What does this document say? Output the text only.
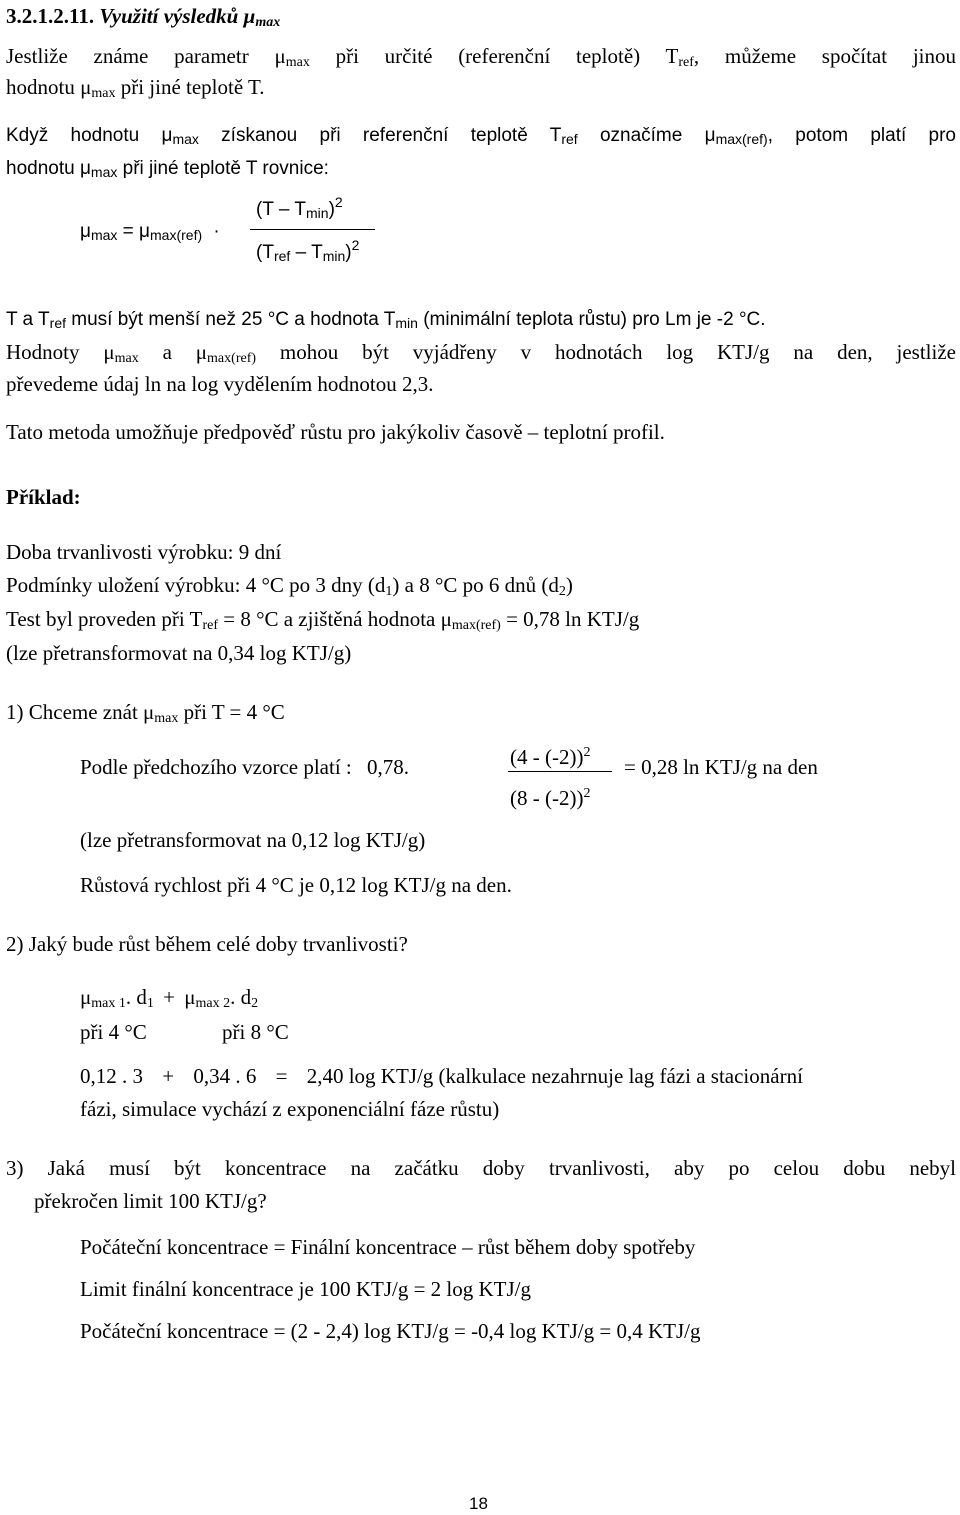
3.2.1.2.11. Využití výsledků $\mu_{max}$
Jestliže známe parametr $\mu_{max}$ při určité (referenční teplotě) $T_{ref}$, můžeme spočítat jinou
hodnotu $\mu_{max}$ při jiné teplotě T.
Když hodnotu $\mu_{max}$ získanou při referenční teplotě $T_{ref}$ označíme $\mu_{max(ref)}$, potom platí pro
hodnotu $\mu_{max}$ při jiné teplotě T rovnice:
$\mu_{max} = \mu_{max(ref)}$ ·
$(T - T_{min})^2$
$(T_{ref} - T_{min})^2$
T a $T_{ref}$ musí být menší než 25 °C a hodnota $T_{min}$ (minimální teplota růstu) pro Lm je -2 °C.
Hodnoty $\mu_{max}$ a $\mu_{max(ref)}$ mohou být vyjádřeny v hodnotách log KTJ/g na den, jestliže
převedeme údaj ln na log vydělením hodnotou 2,3.
Tato metoda umožňuje předpověď růstu pro jakýkoliv časově – teplotní profil.
Příklad:
Doba trvanlivosti výrobku: 9 dní
Podmínky uložení výrobku: 4 °C po 3 dny $(d_1)$ a 8 °C po 6 dnů $(d_2)$
Test byl proveden při $T_{ref} = 8$ °C a zjištěná hodnota $\mu_{max(ref)} = 0,78$ ln KTJ/g
(lze přetransformovat na 0,34 log KTJ/g)
1) Chceme znát $\mu_{max}$ při T = 4 °C
Podle předchozího vzorce platí : 0,78.	(4 - (-2))$^2$
(8 - (-2))$^2$
= 0,28 ln KTJ/g na den
(lze přetransformovat na 0,12 log KTJ/g)
Růstová rychlost při 4 °C je 0,12 log KTJ/g na den.
2) Jaký bude růst během celé doby trvanlivosti?
$\mu_{max 1}$. $d_1 + \mu_{max 2}$. $d_2$
při 4 °C	při 8 °C
0,12 . 3 + 0,34 . 6 = 2,40 log KTJ/g (kalkulace nezahrnuje lag fázi a stacionární
fázi, simulace vychází z exponenciální fáze růstu)
3) Jaká musí být koncentrace na začátku doby trvanlivosti, aby po celou dobu nebyl
překročen limit 100 KTJ/g?
Počáteční koncentrace = Finální koncentrace – růst během doby spotřeby
Limit finální koncentrace je 100 KTJ/g = 2 log KTJ/g
Počáteční koncentrace = (2 - 2,4) log KTJ/g = -0,4 log KTJ/g = 0,4 KTJ/g
18
